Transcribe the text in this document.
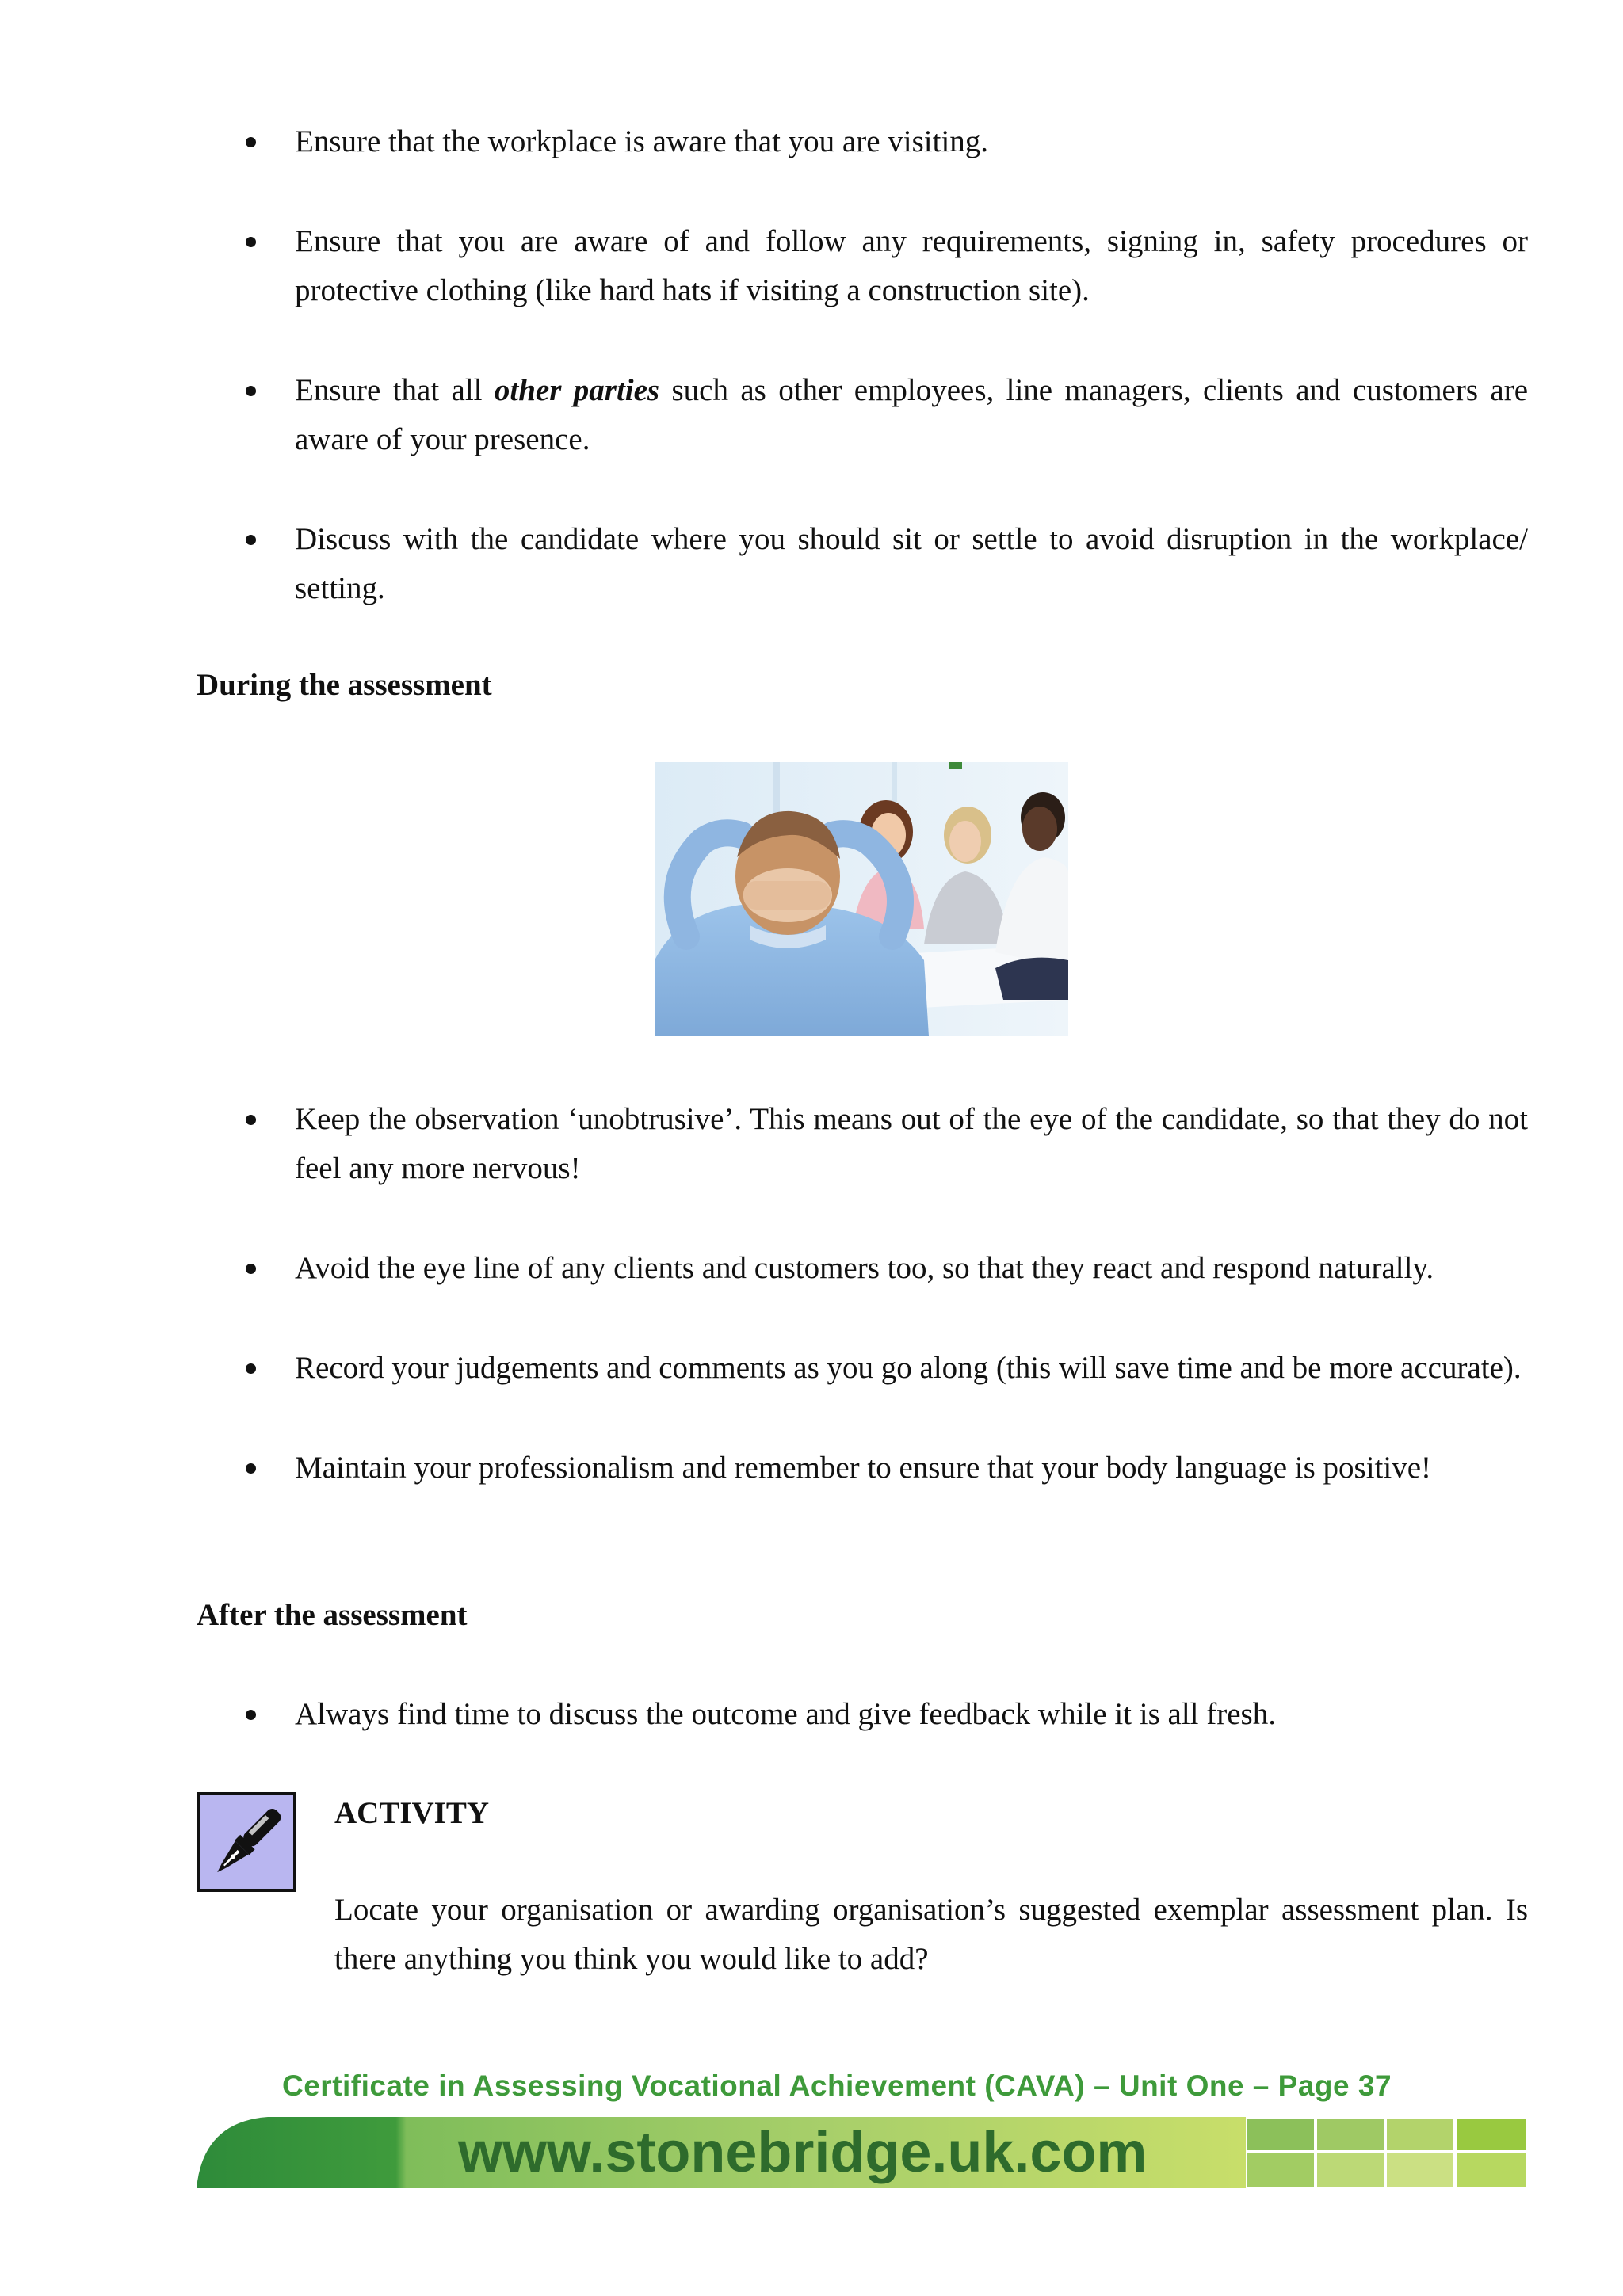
Ensure that the workplace is aware that you are visiting.
Ensure that you are aware of and follow any requirements, signing in, safety procedures or protective clothing (like hard hats if visiting a construction site).
Ensure that all other parties such as other employees, line managers, clients and customers are aware of your presence.
Discuss with the candidate where you should sit or settle to avoid disruption in the workplace/ setting.
During the assessment
Keep the observation ‘unobtrusive’. This means out of the eye of the candidate, so that they do not feel any more nervous!
Avoid the eye line of any clients and customers too, so that they react and respond naturally.
Record your judgements and comments as you go along (this will save time and be more accurate).
Maintain your professionalism and remember to ensure that your body language is positive!
After the assessment
Always find time to discuss the outcome and give feedback while it is all fresh.
ACTIVITY

Locate your organisation or awarding organisation’s suggested exemplar assessment plan. Is there anything you think you would like to add?

Certificate in Assessing Vocational Achievement (CAVA) – Unit One – Page 37
www.stonebridge.uk.com
